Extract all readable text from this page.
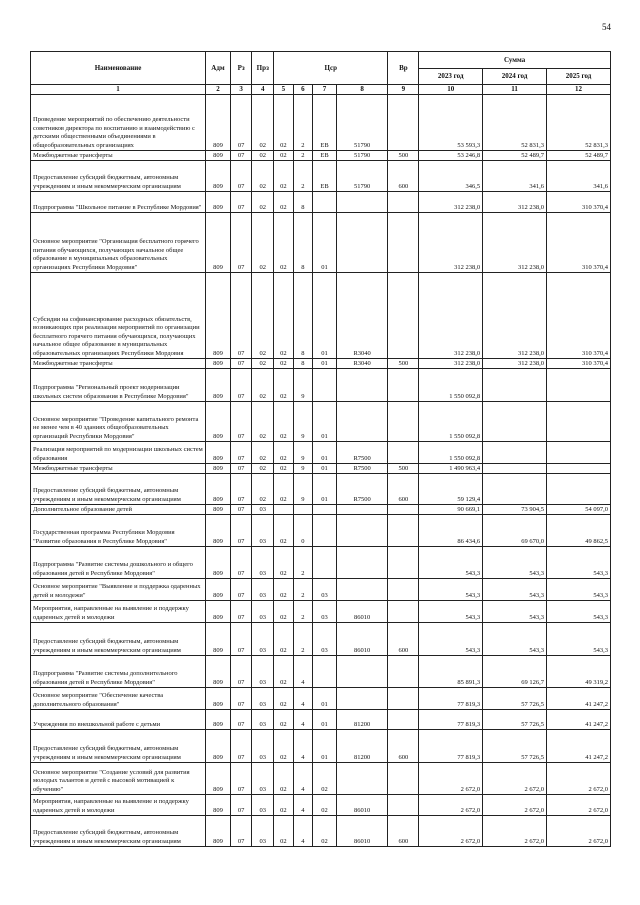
54
Наименование	Адм	Рз	Прз	Цср				Вр	Сумма		
									2023 год	2024 год	2025 год
1	2	3	4	5	6	7	8	9	10	11	12
Проведение мероприятий по обеспечению деятельности советников директора по воспитанию и взаимодействию с детскими общественными объединениями в общеобразовательных организациях	809	07	02	02	2	ЕВ	51790		53 593,3	52 831,3	52 831,3
Межбюджетные трансферты	809	07	02	02	2	ЕВ	51790	500	53 246,8	52 489,7	52 489,7
Предоставление субсидий бюджетным, автономным учреждениям и иным некоммерческим организациям	809	07	02	02	2	ЕВ	51790	600	346,5	341,6	341,6
Подпрограмма "Школьное питание в Республике Мордовия"	809	07	02	02	8				312 238,0	312 238,0	310 370,4
Основное мероприятие "Организация бесплатного горячего питания обучающихся, получающих начальное общее образование в муниципальных образовательных организациях Республики Мордовия"	809	07	02	02	8	01			312 238,0	312 238,0	310 370,4
Субсидии на софинансирование расходных обязательств, возникающих при реализации мероприятий по организации бесплатного горячего питания обучающихся, получающих начальное общее образование в муниципальных образовательных организациях Республики Мордовия	809	07	02	02	8	01	R3040		312 238,0	312 238,0	310 370,4
Межбюджетные трансферты	809	07	02	02	8	01	R3040	500	312 238,0	312 238,0	310 370,4
Подпрограмма "Региональный проект модернизации школьных систем образования в Республике Мордовия"	809	07	02	02	9				1 550 092,8		
Основное мероприятие "Проведение капитального ремонта не менее чем в 40 зданиях общеобразовательных организаций Республики Мордовия"	809	07	02	02	9	01			1 550 092,8		
Реализация мероприятий по модернизации школьных систем образования	809	07	02	02	9	01	R7500		1 550 092,8		
Межбюджетные трансферты	809	07	02	02	9	01	R7500	500	1 490 963,4		
Предоставление субсидий бюджетным, автономным учреждениям и иным некоммерческим организациям	809	07	02	02	9	01	R7500	600	59 129,4		
Дополнительное образование детей	809	07	03						90 669,1	73 904,5	54 097,0
Государственная программа Республики Мордовия "Развитие образования в Республике Мордовия"	809	07	03	02	0				86 434,6	69 670,0	49 862,5
Подпрограмма "Развитие системы дошкольного и общего образования детей в Республике Мордовия"	809	07	03	02	2				543,3	543,3	543,3
Основное мероприятие "Выявление и поддержка одаренных детей и молодежи"	809	07	03	02	2	03			543,3	543,3	543,3
Мероприятия, направленные на выявление и поддержку одаренных детей и молодежи	809	07	03	02	2	03	86010		543,3	543,3	543,3
Предоставление субсидий бюджетным, автономным учреждениям и иным некоммерческим организациям	809	07	03	02	2	03	86010	600	543,3	543,3	543,3
Подпрограмма "Развитие системы дополнительного образования детей в Республике Мордовия"	809	07	03	02	4				85 891,3	69 126,7	49 319,2
Основное мероприятие "Обеспечение качества дополнительного образования"	809	07	03	02	4	01			77 819,3	57 726,5	41 247,2
Учреждения по внешкольной работе с детьми	809	07	03	02	4	01	81200		77 819,3	57 726,5	41 247,2
Предоставление субсидий бюджетным, автономным учреждениям и иным некоммерческим организациям	809	07	03	02	4	01	81200	600	77 819,3	57 726,5	41 247,2
Основное мероприятие "Создание условий для развития молодых талантов и детей с высокой мотивацией к обучению"	809	07	03	02	4	02			2 672,0	2 672,0	2 672,0
Мероприятия, направленные на выявление и поддержку одаренных детей и молодежи	809	07	03	02	4	02	86010		2 672,0	2 672,0	2 672,0
Предоставление субсидий бюджетным, автономным учреждениям и иным некоммерческим организациям	809	07	03	02	4	02	86010	600	2 672,0	2 672,0	2 672,0
